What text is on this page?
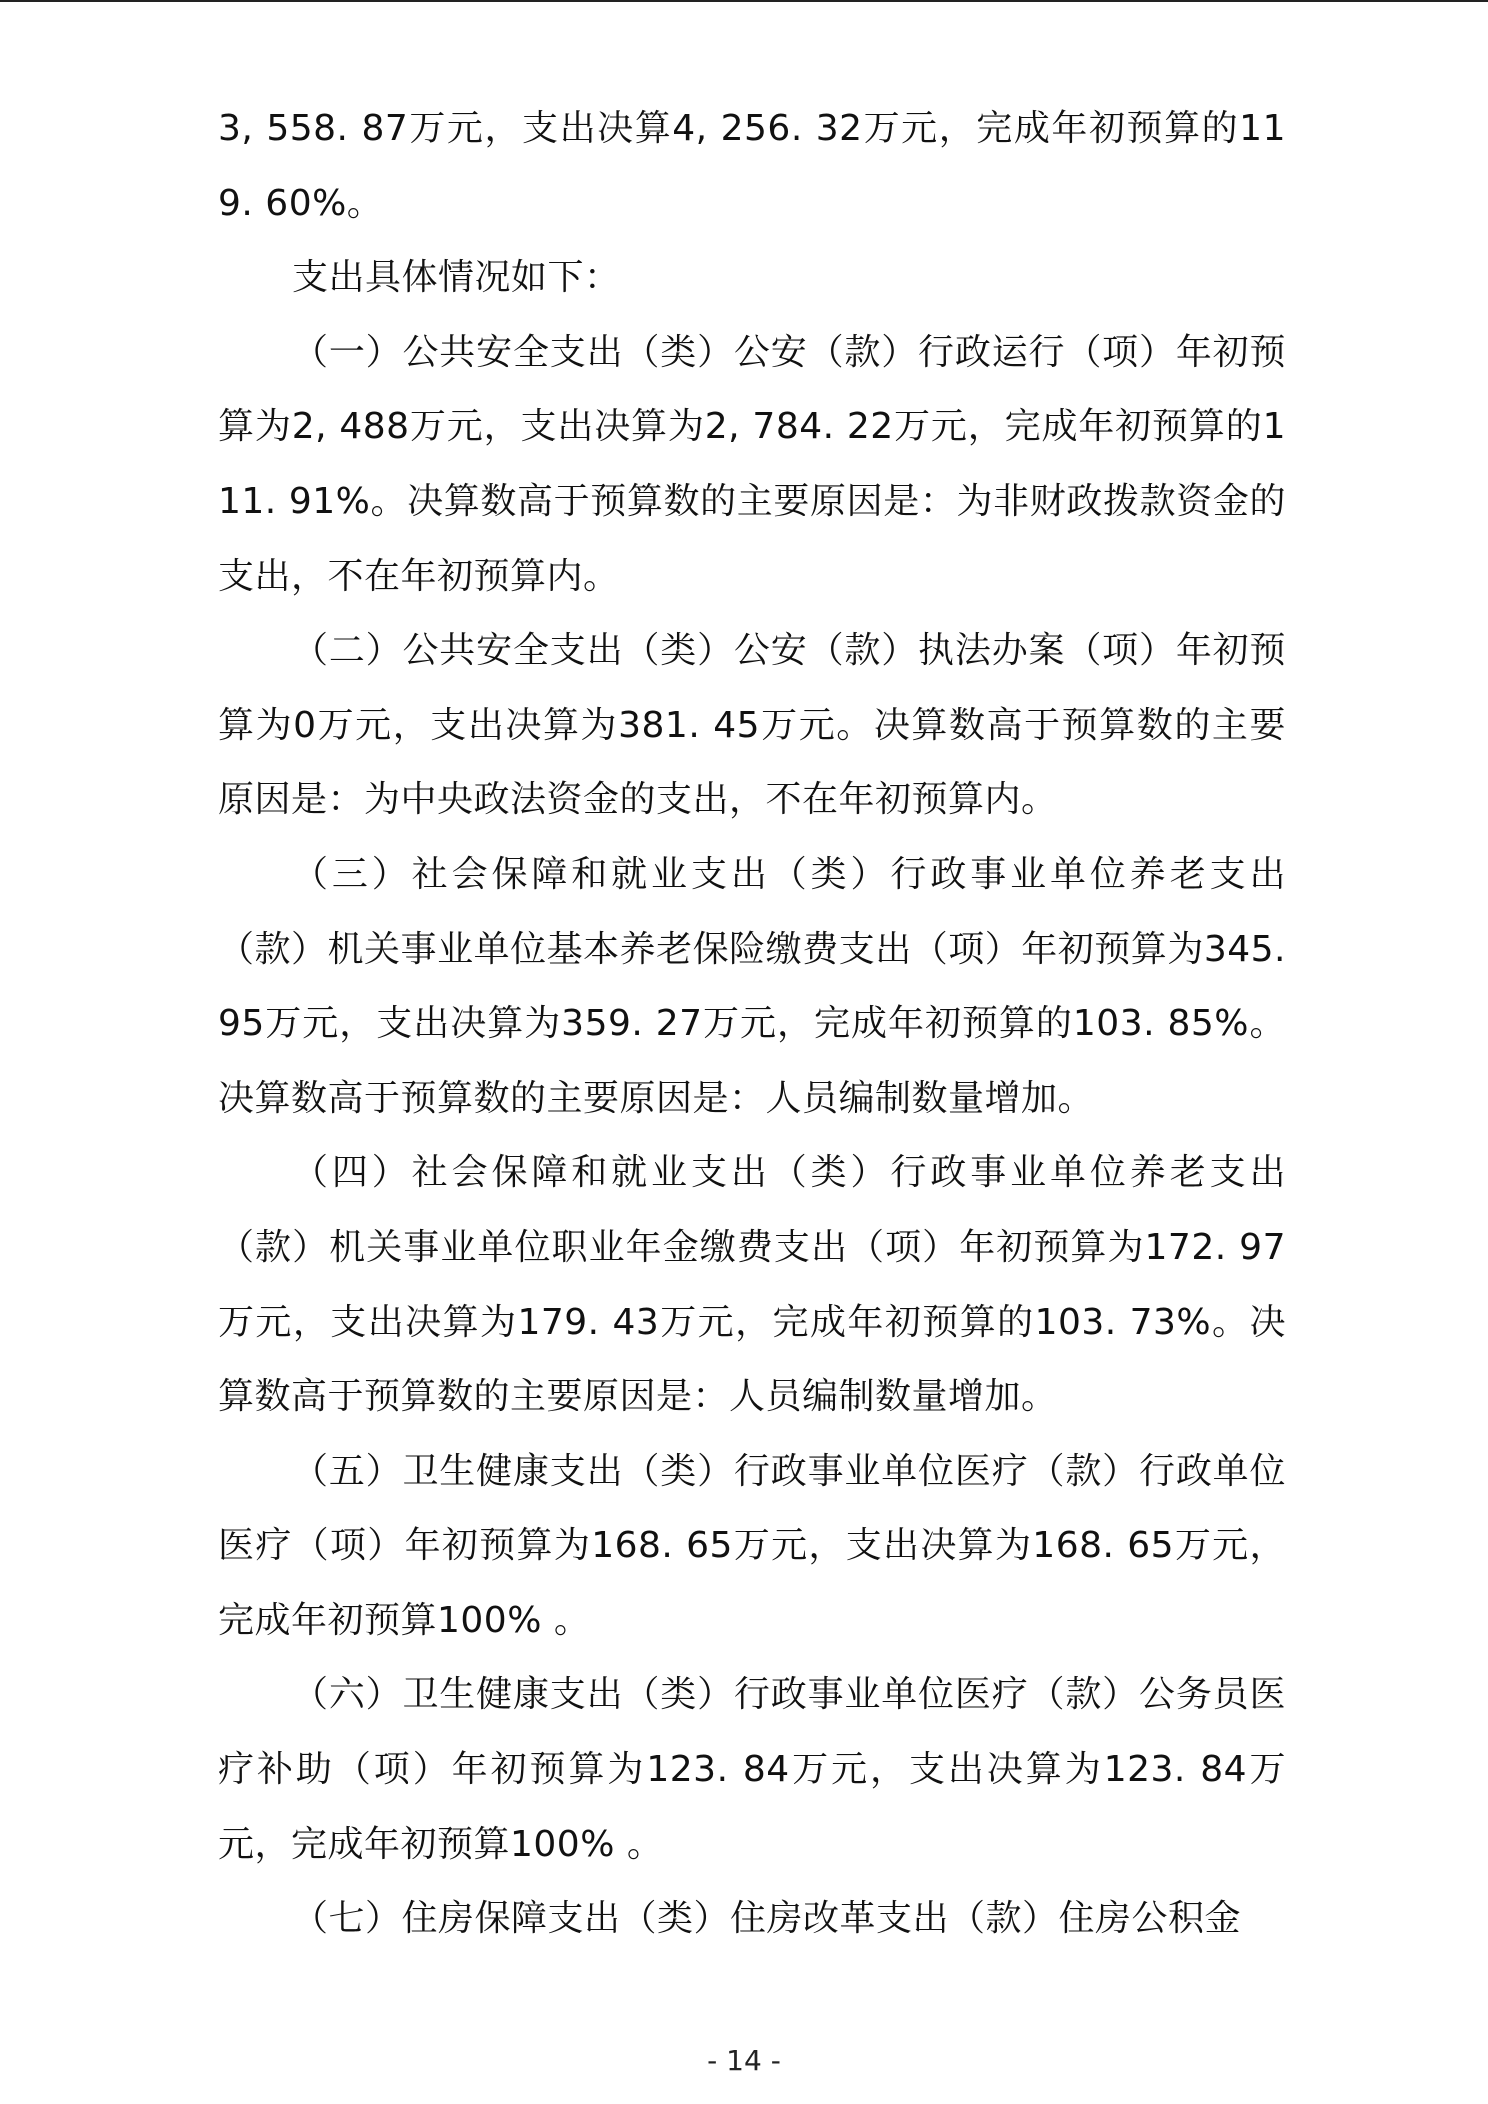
3, 558. 87万元，支出决算4, 256. 32万元，完成年初预算的119. 60%。

支出具体情况如下：

（一）公共安全支出（类）公安（款）行政运行（项）年初预算为2, 488万元，支出决算为2, 784. 22万元，完成年初预算的111. 91%。决算数高于预算数的主要原因是：为非财政拨款资金的支出，不在年初预算内。

（二）公共安全支出（类）公安（款）执法办案（项）年初预算为0万元，支出决算为381. 45万元。决算数高于预算数的主要原因是：为中央政法资金的支出，不在年初预算内。

（三）社会保障和就业支出（类）行政事业单位养老支出（款）机关事业单位基本养老保险缴费支出（项）年初预算为345. 95万元，支出决算为359. 27万元，完成年初预算的103. 85%。决算数高于预算数的主要原因是：人员编制数量增加。

（四）社会保障和就业支出（类）行政事业单位养老支出（款）机关事业单位职业年金缴费支出（项）年初预算为172. 97万元，支出决算为179. 43万元，完成年初预算的103. 73%。决算数高于预算数的主要原因是：人员编制数量增加。

（五）卫生健康支出（类）行政事业单位医疗（款）行政单位医疗（项）年初预算为168. 65万元，支出决算为168. 65万元，完成年初预算100% 。

（六）卫生健康支出（类）行政事业单位医疗（款）公务员医疗补助（项）年初预算为123. 84万元，支出决算为123. 84万元，完成年初预算100% 。

（七）住房保障支出（类）住房改革支出（款）住房公积金

- 14 -
